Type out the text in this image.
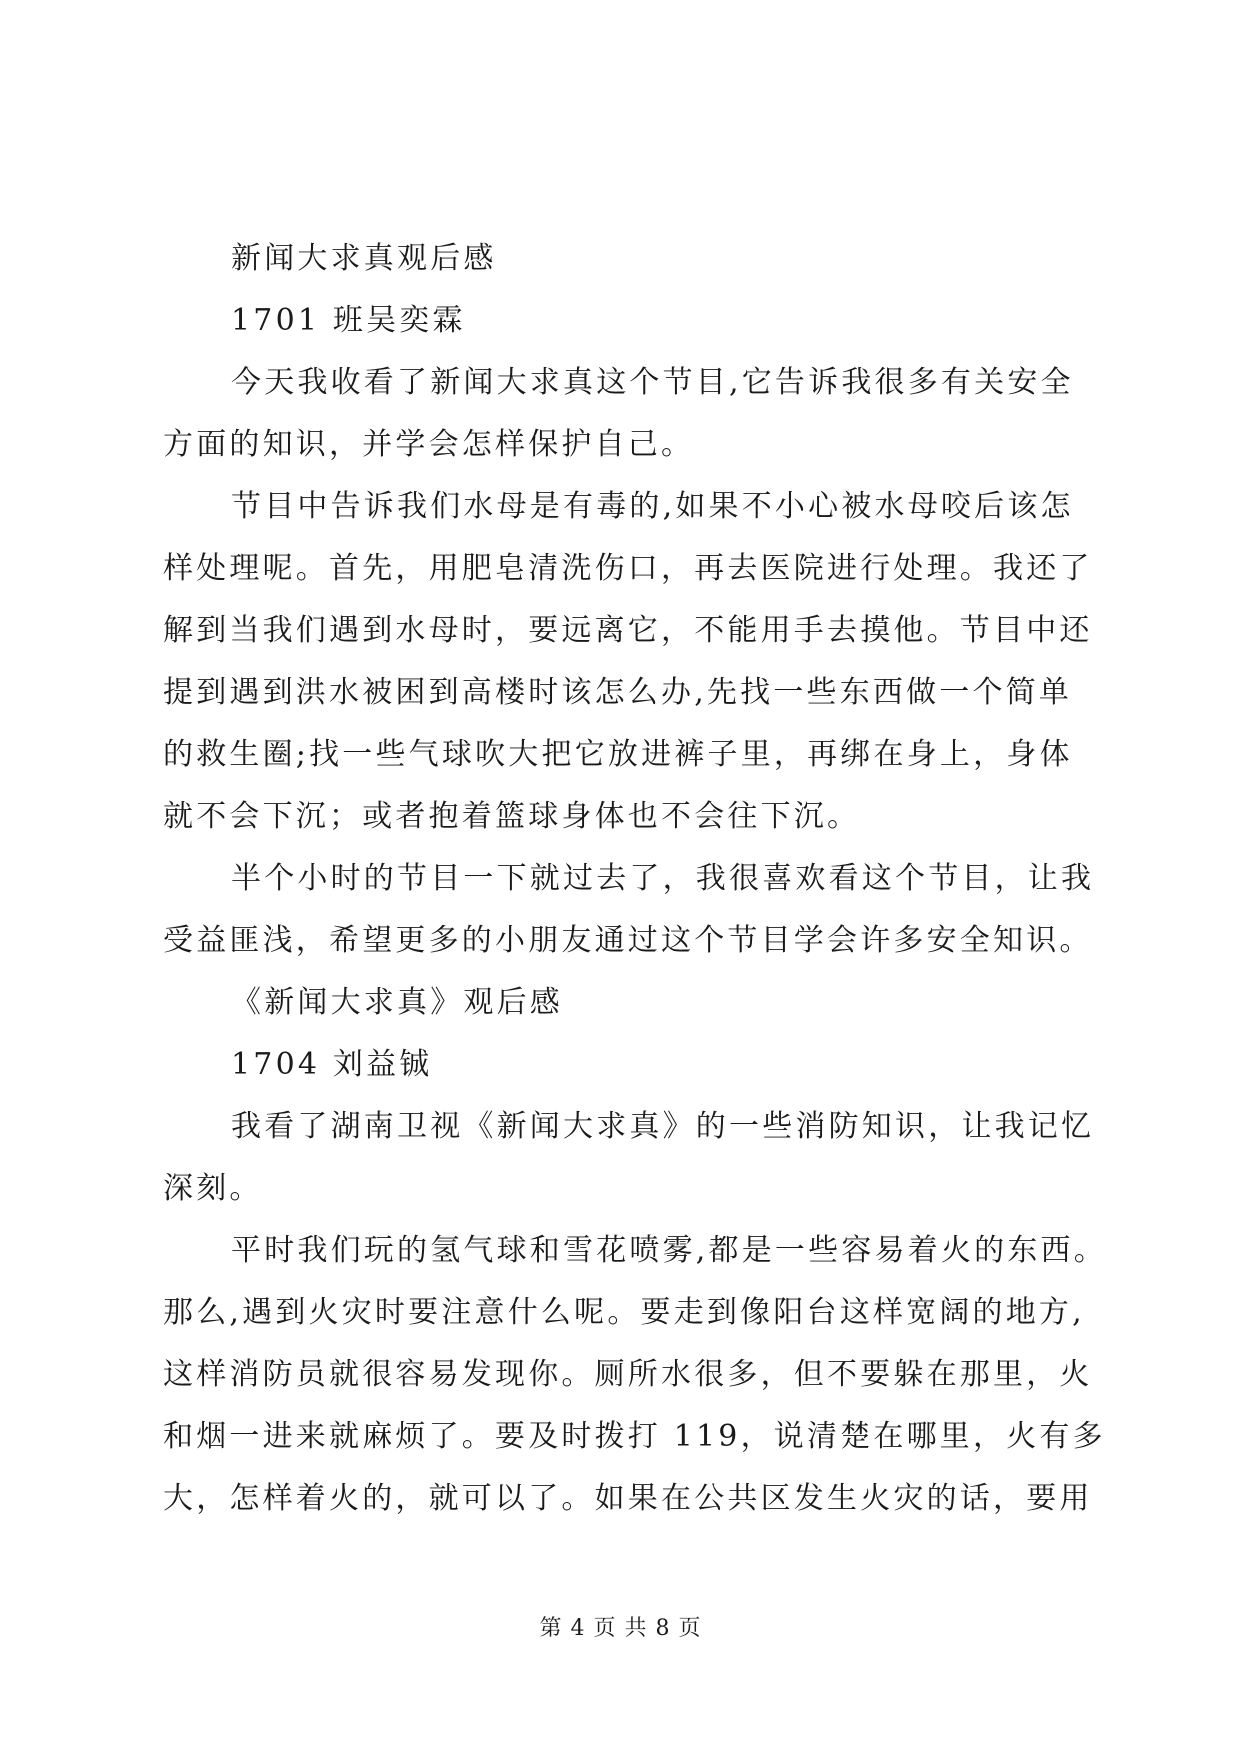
新闻大求真观后感
1701 班吴奕霖
今天我收看了新闻大求真这个节目,它告诉我很多有关安全
方面的知识，并学会怎样保护自己。
节目中告诉我们水母是有毒的,如果不小心被水母咬后该怎
样处理呢。首先，用肥皂清洗伤口，再去医院进行处理。我还了
解到当我们遇到水母时，要远离它，不能用手去摸他。节目中还
提到遇到洪水被困到高楼时该怎么办,先找一些东西做一个简单
的救生圈;找一些气球吹大把它放进裤子里，再绑在身上，身体
就不会下沉；或者抱着篮球身体也不会往下沉。
半个小时的节目一下就过去了，我很喜欢看这个节目，让我
受益匪浅，希望更多的小朋友通过这个节目学会许多安全知识。
《新闻大求真》观后感
1704 刘益铖
我看了湖南卫视《新闻大求真》的一些消防知识，让我记忆
深刻。
平时我们玩的氢气球和雪花喷雾,都是一些容易着火的东西。
那么,遇到火灾时要注意什么呢。要走到像阳台这样宽阔的地方,
这样消防员就很容易发现你。厕所水很多，但不要躲在那里，火
和烟一进来就麻烦了。要及时拨打 119，说清楚在哪里，火有多
大，怎样着火的，就可以了。如果在公共区发生火灾的话，要用
第 4 页 共 8 页
